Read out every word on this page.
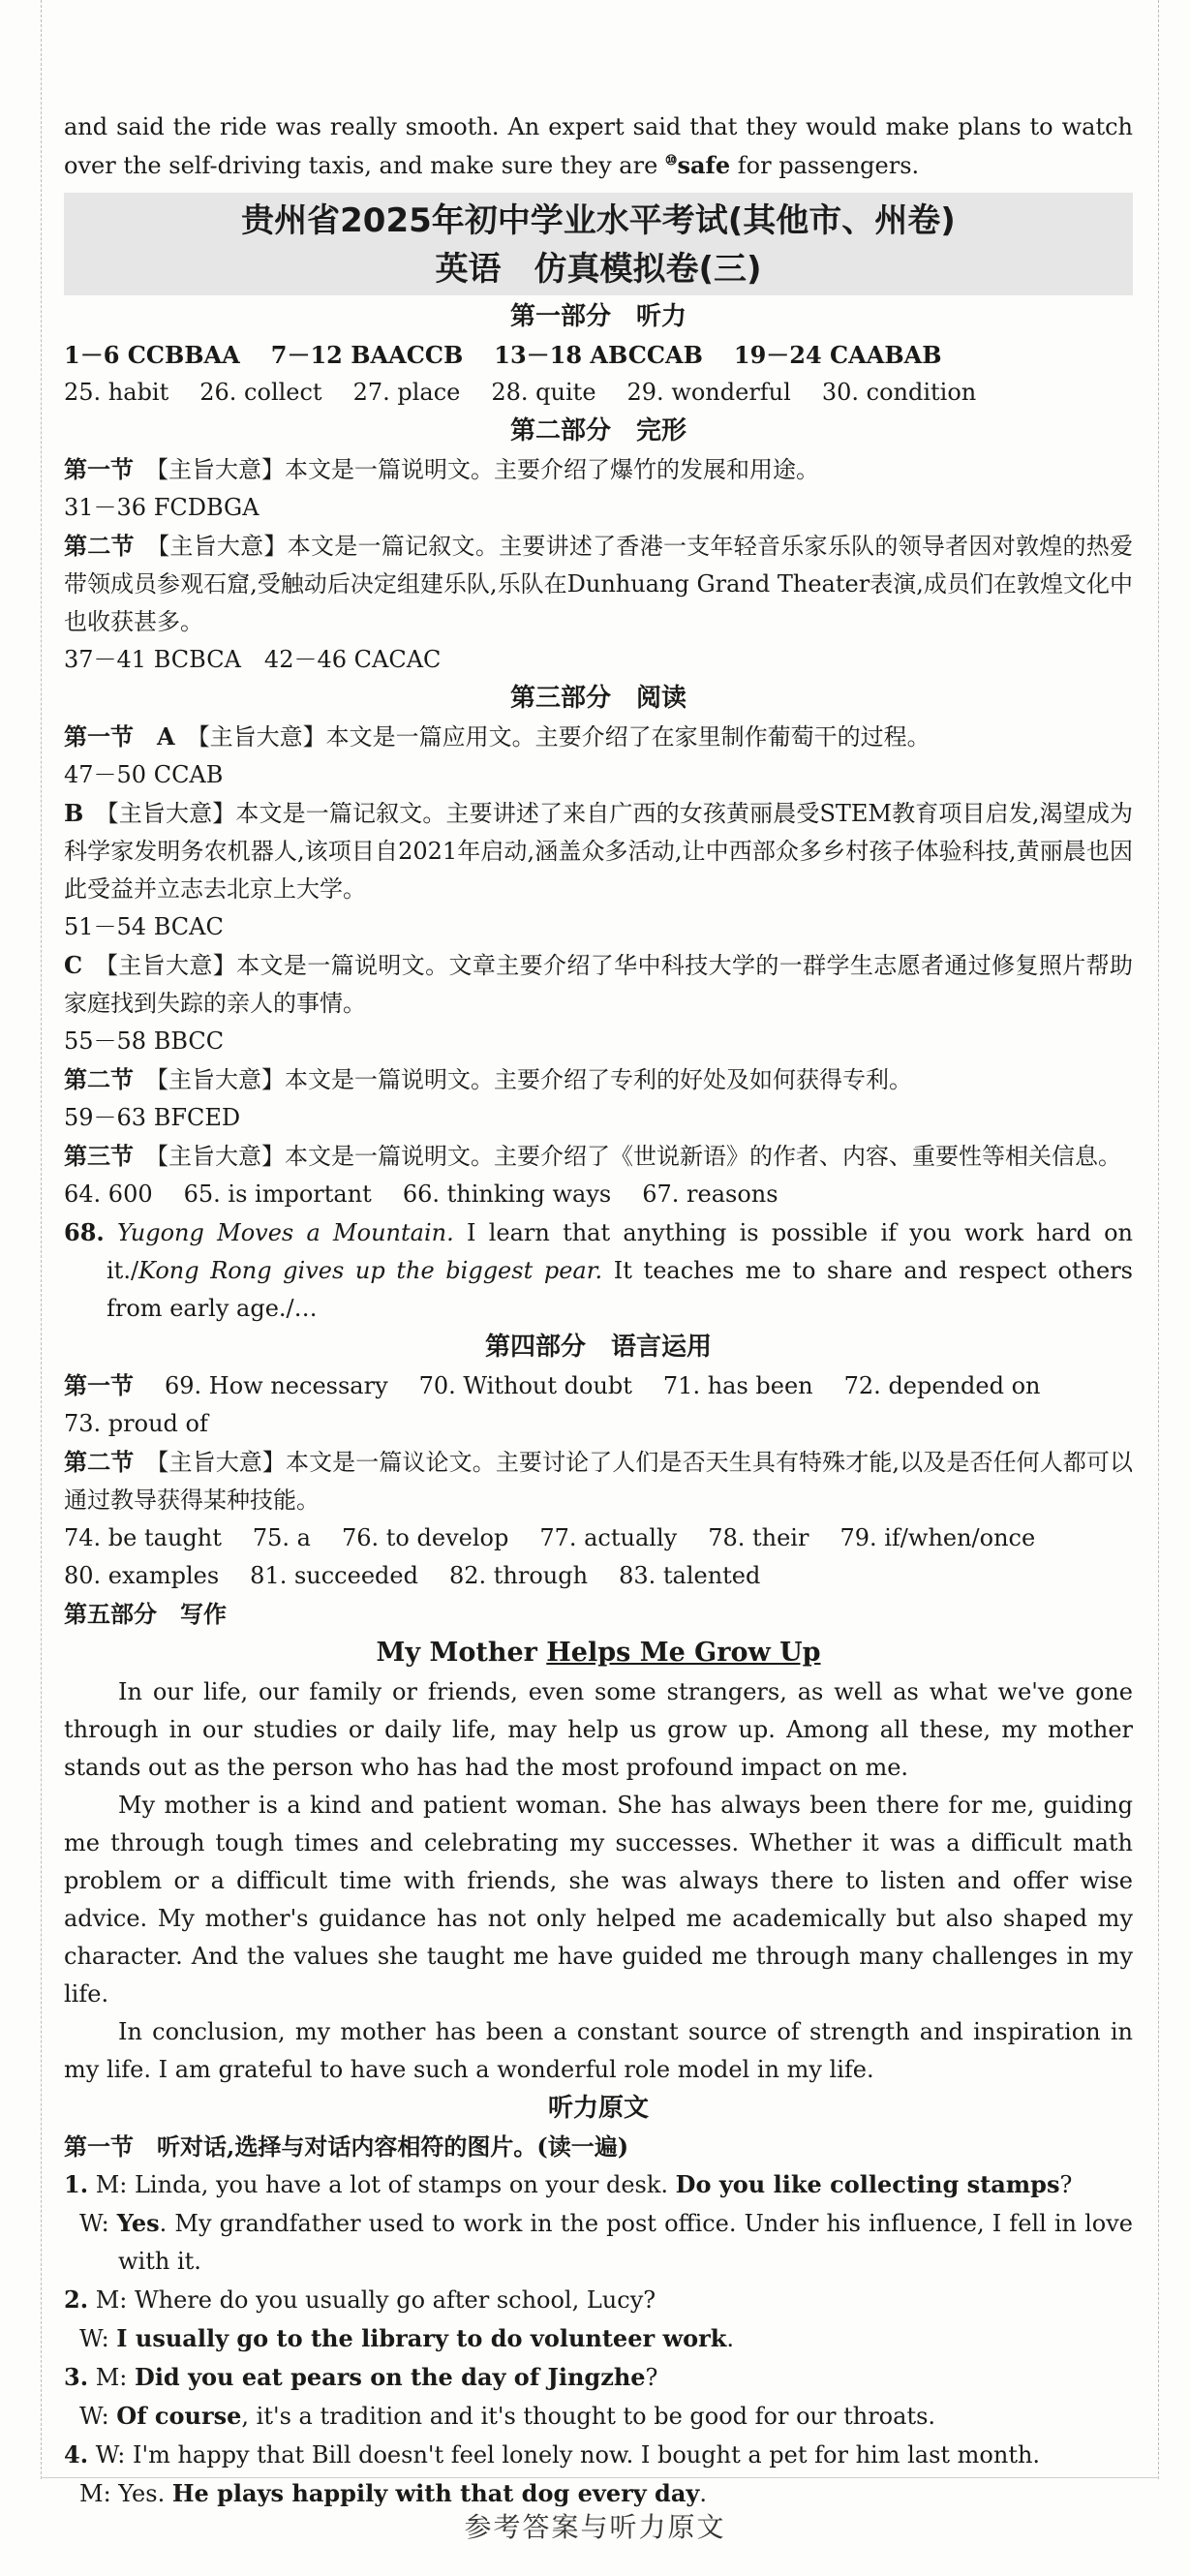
and said the ride was really smooth. An expert said that they would make plans to watch over the self-driving taxis, and make sure they are ⑩safe for passengers.

贵州省2025年初中学业水平考试(其他市、州卷)
英语　仿真模拟卷(三)

第一部分　听力

1－6 CCBBAA 7－12 BAACCB 13－18 ABCCAB 19－24 CAABAB

25. habit 26. collect 27. place 28. quite 29. wonderful 30. condition

第二部分　完形

第一节　 【主旨大意】本文是一篇说明文。主要介绍了爆竹的发展和用途。

31－36 FCDBGA

第二节　 【主旨大意】本文是一篇记叙文。主要讲述了香港一支年轻音乐家乐队的领导者因对敦煌的热爱带领成员参观石窟,受触动后决定组建乐队,乐队在Dunhuang Grand Theater表演,成员们在敦煌文化中也收获甚多。

37－41 BCBCA　42－46 CACAC

第三部分　阅读

第一节　A　 【主旨大意】本文是一篇应用文。主要介绍了在家里制作葡萄干的过程。

47－50 CCAB

B　 【主旨大意】本文是一篇记叙文。主要讲述了来自广西的女孩黄丽晨受STEM教育项目启发,渴望成为科学家发明务农机器人,该项目自2021年启动,涵盖众多活动,让中西部众多乡村孩子体验科技,黄丽晨也因此受益并立志去北京上大学。

51－54 BCAC

C　 【主旨大意】本文是一篇说明文。文章主要介绍了华中科技大学的一群学生志愿者通过修复照片帮助家庭找到失踪的亲人的事情。

55－58 BBCC

第二节　 【主旨大意】本文是一篇说明文。主要介绍了专利的好处及如何获得专利。

59－63 BFCED

第三节　 【主旨大意】本文是一篇说明文。主要介绍了《世说新语》的作者、内容、重要性等相关信息。

64. 600 65. is important 66. thinking ways 67. reasons

68. Yugong Moves a Mountain. I learn that anything is possible if you work hard on it./Kong Rong gives up the biggest pear. It teaches me to share and respect others from early age./…

第四部分　语言运用

第一节 69. How necessary 70. Without doubt 71. has been 72. depended on

73. proud of

第二节　 【主旨大意】本文是一篇议论文。主要讨论了人们是否天生具有特殊才能,以及是否任何人都可以通过教导获得某种技能。

74. be taught 75. a 76. to develop 77. actually 78. their 79. if/when/once

80. examples 81. succeeded 82. through 83. talented

第五部分　写作

My Mother Helps Me Grow Up

In our life, our family or friends, even some strangers, as well as what we've gone through in our studies or daily life, may help us grow up. Among all these, my mother stands out as the person who has had the most profound impact on me.

My mother is a kind and patient woman. She has always been there for me, guiding me through tough times and celebrating my successes. Whether it was a difficult math problem or a difficult time with friends, she was always there to listen and offer wise advice. My mother's guidance has not only helped me academically but also shaped my character. And the values she taught me have guided me through many challenges in my life.

In conclusion, my mother has been a constant source of strength and inspiration in my life. I am grateful to have such a wonderful role model in my life.

听力原文

第一节　听对话,选择与对话内容相符的图片。(读一遍)

1. M: Linda, you have a lot of stamps on your desk. Do you like collecting stamps?

W: Yes. My grandfather used to work in the post office. Under his influence, I fell in love with it.

2. M: Where do you usually go after school, Lucy?

W: I usually go to the library to do volunteer work.

3. M: Did you eat pears on the day of Jingzhe?

W: Of course, it's a tradition and it's thought to be good for our throats.

4. W: I'm happy that Bill doesn't feel lonely now. I bought a pet for him last month.

M: Yes. He plays happily with that dog every day.

参考答案与听力原文
